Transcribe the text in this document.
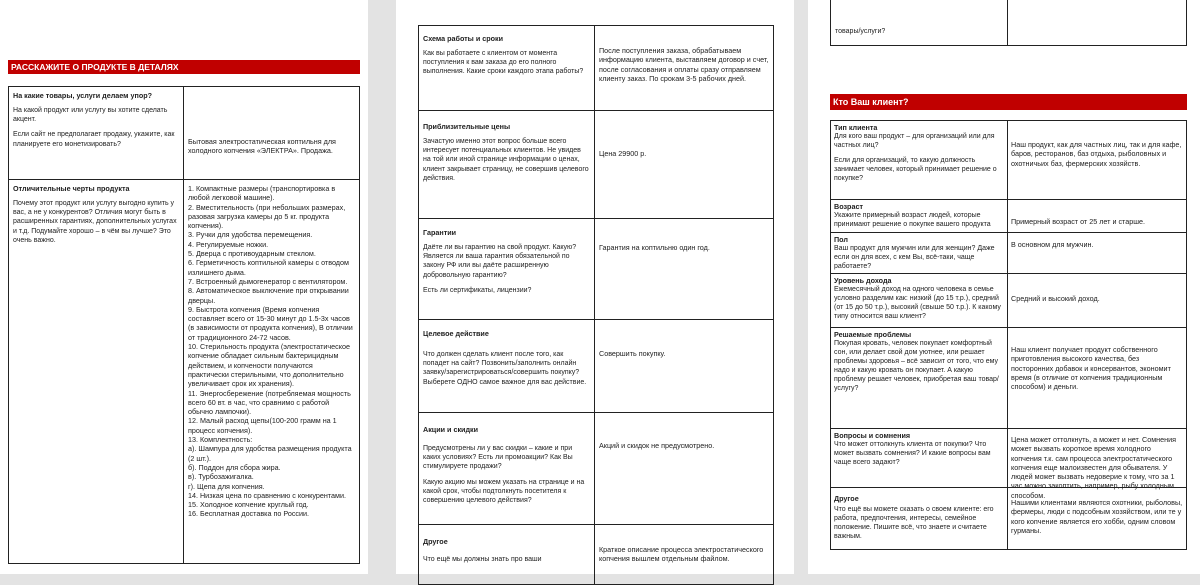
РАССКАЖИТЕ О ПРОДУКТЕ В ДЕТАЛЯХ
На какие товары, услуги делаем упор?

На какой продукт или услугу вы хотите сделать акцент.

Если сайт не предполагает продажу, укажите, как планируете его монетизировать?	Бытовая электростатическая коптильня для холодного копчения «ЭЛЕКТРА». Продажа.
Отличительные черты продукта

Почему этот продукт или услугу выгодно купить у вас, а не у конкурентов? Отличия могут быть в расширенных гарантиях, дополнительных услугах и т.д. Подумайте хорошо – в чём вы лучше? Это очень важно.

1. Компактные размеры (транспортировка в любой легковой машине).
2. Вместительность (при небольших размерах, разовая загрузка камеры до 5 кг. продукта копчения).
3. Ручки для удобства перемещения.
4. Регулируемые ножки.
5. Дверца с противоударным стеклом.
6. Герметичность коптильной камеры с отводом излишнего дыма.
7. Встроенный дымогенератор с вентилятором.
8. Автоматическое выключение при открывании дверцы.
9. Быстрота копчения (Время копчения составляет всего от 15-30 минут до 1.5-3х часов (в зависимости от продукта копчения), В отличии от традиционного 24-72 часов.
10. Стерильность продукта (электростатическое копчение обладает сильным бактерицидным действием, и копчености получаются практически стерильными, что дополнительно увеличивает срок их хранения).
11. Энергосбережение (потребляемая мощность всего 60 вт. в час, что сравнимо с работой обычно лампочки).
12. Малый расход щепы(100-200 грамм на 1 процесс копчения).
13. Комплектность:
а). Шампура для удобства размещения продукта (2 шт.).
б). Поддон для сбора жира.
в). Турбозажигалка.
г). Щепа для копчения.
14. Низкая цена по сравнению с конкурентами.
15. Холодное копчение круглый год.
16. Бесплатная доставка по России.
Схема работы и сроки

Как вы работаете с клиентом от момента поступления к вам заказа до его полного выполнения. Какие сроки каждого этапа работы?

После поступления заказа, обрабатываем информацию клиента, выставляем договор и счет, после согласования и оплаты сразу отправляем клиенту заказ. По срокам 3-5 рабочих дней.
Приблизительные цены

Зачастую именно этот вопрос больше всего интересует потенциальных клиентов. Не увидев на той или иной странице информации о ценах, клиент закрывает страницу, не совершив целевого действия.

Цена 29900 р.
Гарантии

Даёте ли вы гарантию на свой продукт. Какую? Является ли ваша гарантия обязательной по закону РФ или вы даёте расширенную добровольную гарантию?

Есть ли сертификаты, лицензии?

Гарантия на коптильню один год.
Целевое действие

Что должен сделать клиент после того, как попадет на сайт? Позвонить/заполнить онлайн заявку/зарегистрироваться/совершить покупку? Выберете ОДНО самое важное для вас действие.

Совершить покупку.
Акции и скидки

Предусмотрены ли у вас скидки – какие и при каких условиях? Есть ли промоакции? Как Вы стимулируете продажи?

Какую акцию мы можем указать на странице и на какой срок, чтобы подтолкнуть посетителя к совершению целевого действия?

Акций и скидок не предусмотрено.
Другое

Что ещё мы должны знать про ваши

Краткое описание процесса электростатического копчения вышлем отдельным файлом.
товары/услуги?
Кто Ваш клиент?
Тип клиента

Для кого ваш продукт – для организаций или для частных лиц?

Если для организаций, то какую должность занимает человек, который принимает решение о покупке?

Наш продукт, как для частных лиц, так и для кафе, баров, ресторанов, баз отдыха, рыболовных и охотничьих баз, фермерских хозяйств.
Возраст
Укажите примерный возраст людей, которые принимают решение о покупке вашего продукта	Примерный возраст от 25 лет и старше.
Пол
Ваш продукт для мужчин или для женщин? Даже если он для всех, с кем Вы, всё-таки, чаще работаете?
В основном для мужчин.
Уровень дохода
Ежемесячный доход на одного человека в семье условно разделим как: низкий (до 15 т.р.), средний (от 15 до 50 т.р.), высокий (свыше 50 т.р.). К какому типу относится ваш клиент?
Средний и высокий доход.
Решаемые проблемы
Покупая кровать, человек покупает комфортный сон, или делает свой дом уютнее, или решает проблемы здоровья – всё зависит от того, что ему надо и какую кровать он покупает. А какую проблему решает человек, приобретая ваш товар/услугу?
Наш клиент получает продукт собственного приготовления высокого качества, без посторонних добавок и консервантов, экономит время (в отличие от копчения традиционным способом) и деньги.
Вопросы и сомнения
Что может оттолкнуть клиента от покупки? Что может вызвать сомнения? И какие вопросы вам чаще всего задают?
Цена может оттолкнуть, а может и нет. Сомнения может вызвать короткое время холодного копчения т.к. сам процесса электростатического копчения еще малоизвестен для обывателя. У людей может вызвать недоверие к тому, что за 1 час можно закоптить, например, рыбу холодным способом.
Другое
Что ещё вы можете сказать о своем клиенте: его работа, предпочтения, интересы, семейное положение. Пишите всё, что знаете и считаете важным.
Нашими клиентами являются охотники, рыболовы, фермеры, люди с подсобным хозяйством, или те у кого копчение является его хобби, одним словом гурманы.
